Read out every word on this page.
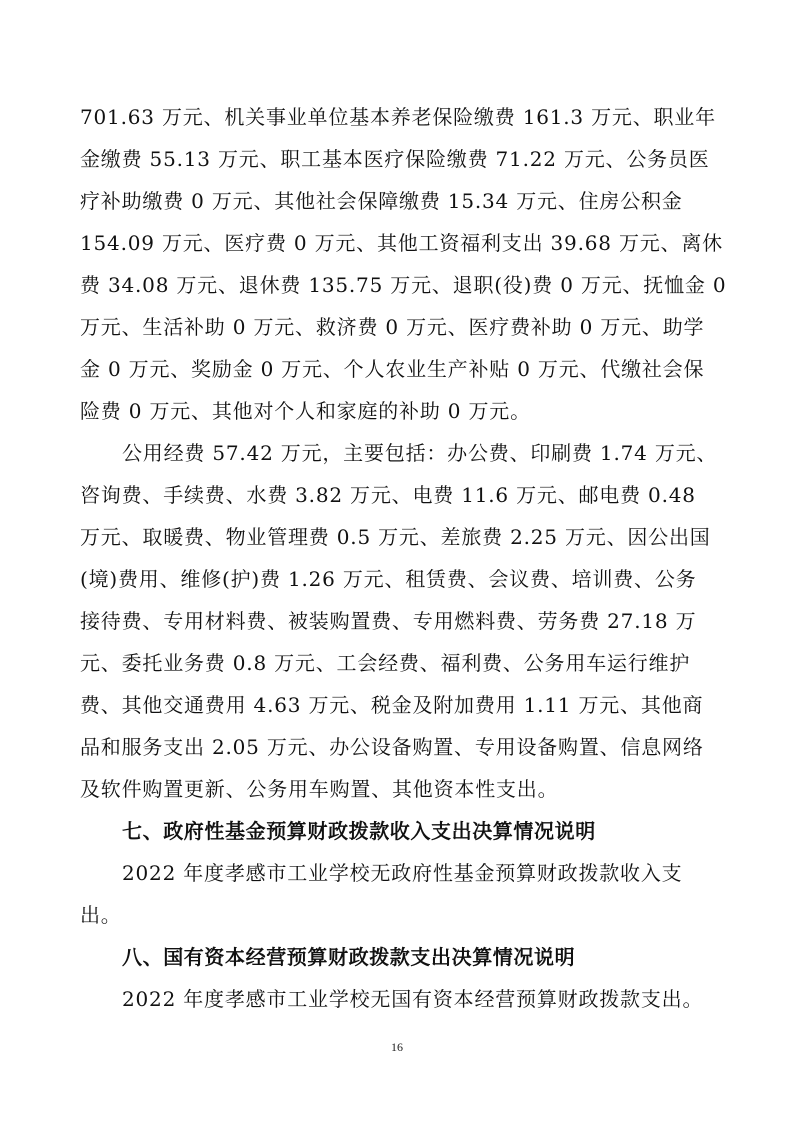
701.63 万元、机关事业单位基本养老保险缴费 161.3 万元、职业年
金缴费 55.13 万元、职工基本医疗保险缴费 71.22 万元、公务员医
疗补助缴费 0 万元、其他社会保障缴费 15.34 万元、住房公积金
154.09 万元、医疗费 0 万元、其他工资福利支出 39.68 万元、离休
费 34.08 万元、退休费 135.75 万元、退职(役)费 0 万元、抚恤金 0
万元、生活补助 0 万元、救济费 0 万元、医疗费补助 0 万元、助学
金 0 万元、奖励金 0 万元、个人农业生产补贴 0 万元、代缴社会保
险费 0 万元、其他对个人和家庭的补助 0 万元。
公用经费 57.42 万元，主要包括：办公费、印刷费 1.74 万元、
咨询费、手续费、水费 3.82 万元、电费 11.6 万元、邮电费 0.48
万元、取暖费、物业管理费 0.5 万元、差旅费 2.25 万元、因公出国
(境)费用、维修(护)费 1.26 万元、租赁费、会议费、培训费、公务
接待费、专用材料费、被装购置费、专用燃料费、劳务费 27.18 万
元、委托业务费 0.8 万元、工会经费、福利费、公务用车运行维护
费、其他交通费用 4.63 万元、税金及附加费用 1.11 万元、其他商
品和服务支出 2.05 万元、办公设备购置、专用设备购置、信息网络
及软件购置更新、公务用车购置、其他资本性支出。
七、政府性基金预算财政拨款收入支出决算情况说明
2022 年度孝感市工业学校无政府性基金预算财政拨款收入支
出。
八、国有资本经营预算财政拨款支出决算情况说明
2022 年度孝感市工业学校无国有资本经营预算财政拨款支出。
16
